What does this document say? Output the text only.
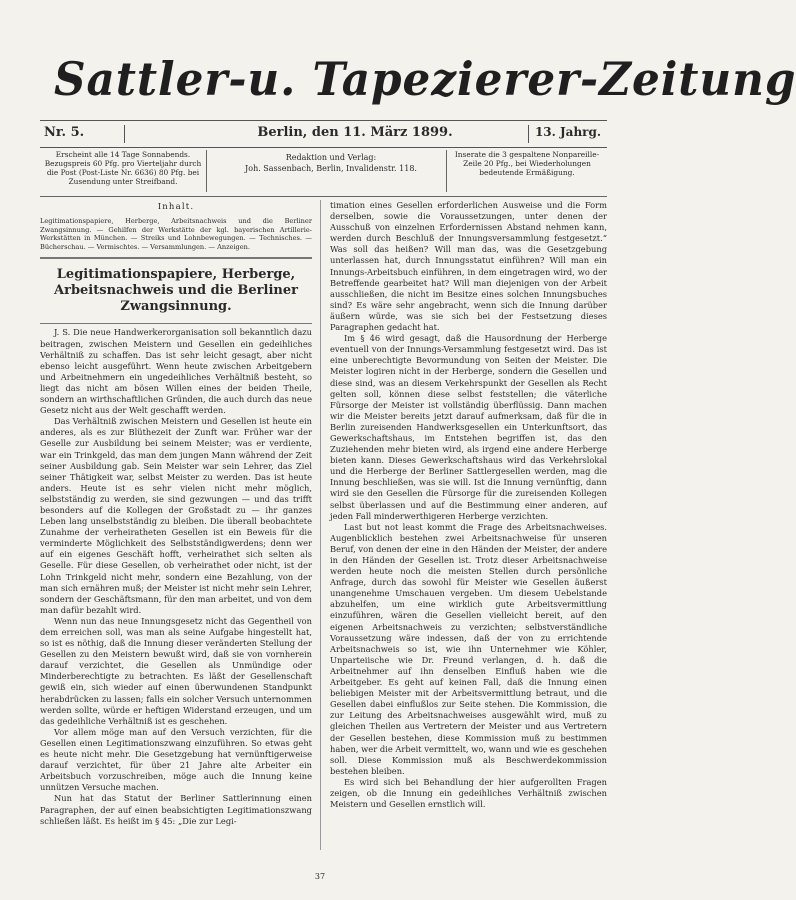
Sattler-u. Tapezierer-Zeitung
Nr. 5.	Berlin, den 11. März 1899.	13. Jahrg.
Erscheint alle 14 Tage Sonnabends. Bezugspreis 60 Pfg. pro Vierteljahr durch die Post (Post-Liste Nr. 6636) 80 Pfg. bei Zusendung unter Streifband.
Redaktion und Verlag:
Joh. Sassenbach, Berlin, Invalidenstr. 118.
Inserate die 3 gespaltene Nonpareille-Zeile 20 Pfg., bei Wiederholungen bedeutende Ermäßigung.
Inhalt.
Legitimationspapiere, Herberge, Arbeitsnachweis und die Berliner Zwangsinnung. — Gehilfen der Werkstätte der kgl. bayerischen Artillerie-Werkstätten in München. — Streiks und Lohnbewegungen. — Technisches. — Bücherschau. — Vermischtes. — Versammlungen. — Anzeigen.
Legitimationspapiere, Herberge, Arbeitsnachweis und die Berliner Zwangsinnung.

J. S. Die neue Handwerkerorganisation soll bekanntlich dazu beitragen, zwischen Meistern und Gesellen ein gedeihliches Verhältniß zu schaffen. Das ist sehr leicht gesagt, aber nicht ebenso leicht ausgeführt. Wenn heute zwischen Arbeitgebern und Arbeitnehmern ein ungedeihliches Verhältniß besteht, so liegt das nicht am bösen Willen eines der beiden Theile, sondern an wirthschaftlichen Gründen, die auch durch das neue Gesetz nicht aus der Welt geschafft werden.

Das Verhältniß zwischen Meistern und Gesellen ist heute ein anderes, als es zur Blüthezeit der Zunft war. Früher war der Geselle zur Ausbildung bei seinem Meister; was er verdiente, war ein Trinkgeld, das man dem jungen Mann während der Zeit seiner Ausbildung gab. Sein Meister war sein Lehrer, das Ziel seiner Thätigkeit war, selbst Meister zu werden. Das ist heute anders. Heute ist es sehr vielen nicht mehr möglich, selbstständig zu werden, sie sind gezwungen — und das trifft besonders auf die Kollegen der Großstadt zu — ihr ganzes Leben lang unselbstständig zu bleiben. Die überall beobachtete Zunahme der verheiratheten Gesellen ist ein Beweis für die verminderte Möglichkeit des Selbstständigwerdens; denn wer auf ein eigenes Geschäft hofft, verheirathet sich selten als Geselle. Für diese Gesellen, ob verheirathet oder nicht, ist der Lohn Trinkgeld nicht mehr, sondern eine Bezahlung, von der man sich ernähren muß; der Meister ist nicht mehr sein Lehrer, sondern der Geschäftsmann, für den man arbeitet, und von dem man dafür bezahlt wird.

Wenn nun das neue Innungsgesetz nicht das Gegentheil von dem erreichen soll, was man als seine Aufgabe hingestellt hat, so ist es nöthig, daß die Innung dieser veränderten Stellung der Gesellen zu den Meistern bewußt wird, daß sie von vornherein darauf verzichtet, die Gesellen als Unmündige oder Minderberechtigte zu betrachten. Es läßt der Gesellenschaft gewiß ein, sich wieder auf einen überwundenen Standpunkt herabdrücken zu lassen; falls ein solcher Versuch unternommen werden sollte, würde er heftigen Widerstand erzeugen, und um das gedeihliche Verhältniß ist es geschehen.

Vor allem möge man auf den Versuch verzichten, für die Gesellen einen Legitimationszwang einzuführen. So etwas geht es heute nicht mehr. Die Gesetzgebung hat vernünftigerweise darauf verzichtet, für über 21 Jahre alte Arbeiter ein Arbeitsbuch vorzuschreiben, möge auch die Innung keine unnützen Versuche machen.

Nun hat das Statut der Berliner Sattlerinnung einen Paragraphen, der auf einen beabsichtigten Legitimationszwang schließen läßt. Es heißt im § 45: „Die zur Legi-

timation eines Gesellen erforderlichen Ausweise und die Form derselben, sowie die Voraussetzungen, unter denen der Ausschuß von einzelnen Erfordernissen Abstand nehmen kann, werden durch Beschluß der Innungsversammlung festgesetzt.“ Was soll das heißen? Will man das, was die Gesetzgebung unterlassen hat, durch Innungsstatut einführen? Will man ein Innungs-Arbeitsbuch einführen, in dem eingetragen wird, wo der Betreffende gearbeitet hat? Will man diejenigen von der Arbeit ausschließen, die nicht im Besitze eines solchen Innungsbuches sind? Es wäre sehr angebracht, wenn sich die Innung darüber äußern würde, was sie sich bei der Festsetzung dieses Paragraphen gedacht hat.

Im § 46 wird gesagt, daß die Hausordnung der Herberge eventuell von der Innungs-Versammlung festgesetzt wird. Das ist eine unberechtigte Bevormundung von Seiten der Meister. Die Meister logiren nicht in der Herberge, sondern die Gesellen und diese sind, was an diesem Verkehrspunkt der Gesellen als Recht gelten soll, können diese selbst feststellen; die väterliche Fürsorge der Meister ist vollständig überflüssig. Dann machen wir die Meister bereits jetzt darauf aufmerksam, daß für die in Berlin zureisenden Handwerksgesellen ein Unterkunftsort, das Gewerkschaftshaus, im Entstehen begriffen ist, das den Zuziehenden mehr bieten wird, als irgend eine andere Herberge bieten kann. Dieses Gewerkschaftshaus wird das Verkehrslokal und die Herberge der Berliner Sattlergesellen werden, mag die Innung beschließen, was sie will. Ist die Innung vernünftig, dann wird sie den Gesellen die Fürsorge für die zureisenden Kollegen selbst überlassen und auf die Bestimmung einer anderen, auf jeden Fall minderwerthigeren Herberge verzichten.

Last but not least kommt die Frage des Arbeitsnachweises. Augenblicklich bestehen zwei Arbeitsnachweise für unseren Beruf, von denen der eine in den Händen der Meister, der andere in den Händen der Gesellen ist. Trotz dieser Arbeitsnachweise werden heute noch die meisten Stellen durch persönliche Anfrage, durch das sowohl für Meister wie Gesellen äußerst unangenehme Umschauen vergeben. Um diesem Uebelstande abzuhelfen, um eine wirklich gute Arbeitsvermittlung einzuführen, wären die Gesellen vielleicht bereit, auf den eigenen Arbeitsnachweis zu verzichten; selbstverständliche Voraussetzung wäre indessen, daß der von zu errichtende Arbeitsnachweis so ist, wie ihn Unternehmer wie Köhler, Unparteiische wie Dr. Freund verlangen, d. h. daß die Arbeitnehmer auf ihn denselben Einfluß haben wie die Arbeitgeber. Es geht auf keinen Fall, daß die Innung einen beliebigen Meister mit der Arbeitsvermittlung betraut, und die Gesellen dabei einflußlos zur Seite stehen. Die Kommission, die zur Leitung des Arbeitsnachweises ausgewählt wird, muß zu gleichen Theilen aus Vertretern der Meister und aus Vertretern der Gesellen bestehen, diese Kommission muß zu bestimmen haben, wer die Arbeit vermittelt, wo, wann und wie es geschehen soll. Diese Kommission muß als Beschwerdekommission bestehen bleiben.

Es wird sich bei Behandlung der hier aufgerollten Fragen zeigen, ob die Innung ein gedeihliches Verhältniß zwischen Meistern und Gesellen ernstlich will.

37
